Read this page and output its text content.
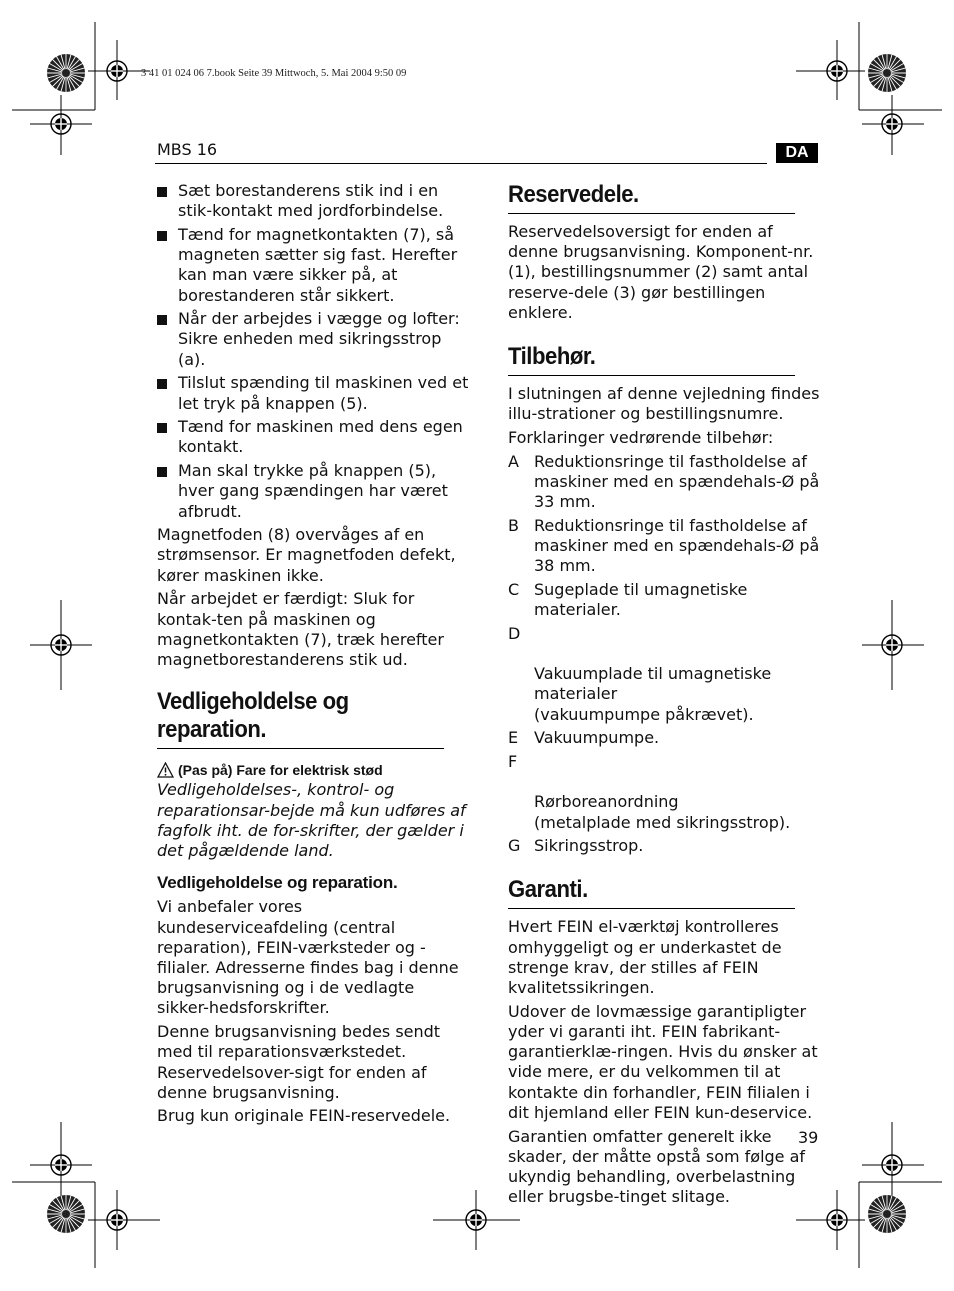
3 41 01 024 06 7.book Seite 39 Mittwoch, 5. Mai 2004 9:50 09
MBS 16	DA
Sæt borestanderens stik ind i en stik-kontakt med jordforbindelse.
Tænd for magnetkontakten (7), så magneten sætter sig fast. Herefter kan man være sikker på, at borestanderen står sikkert.
Når der arbejdes i vægge og lofter: Sikre enheden med sikringsstrop (a).
Tilslut spænding til maskinen ved et let tryk på knappen (5).
Tænd for maskinen med dens egen kontakt.
Man skal trykke på knappen (5), hver gang spændingen har været afbrudt.
Magnetfoden (8) overvåges af en strømsensor. Er magnetfoden defekt, kører maskinen ikke.
Når arbejdet er færdigt: Sluk for kontak-ten på maskinen og magnetkontakten (7), træk herefter magnetborestanderens stik ud.
Vedligeholdelse og reparation.
(Pas på) Fare for elektrisk stød
Vedligeholdelses-, kontrol- og reparationsar-bejde må kun udføres af fagfolk iht. de for-skrifter, der gælder i det pågældende land.
Vedligeholdelse og reparation.
Vi anbefaler vores kundeserviceafdeling (central reparation), FEIN-værksteder og -filialer. Adresserne findes bag i denne brugsanvisning og i de vedlagte sikker-hedsforskrifter.
Denne brugsanvisning bedes sendt med til reparationsværkstedet. Reservedelsover-sigt for enden af denne brugsanvisning.
Brug kun originale FEIN-reservedele.
Reservedele.
Reservedelsoversigt for enden af denne brugsanvisning. Komponent-nr. (1), bestillingsnummer (2) samt antal reserve-dele (3) gør bestillingen enklere.
Tilbehør.
I slutningen af denne vejledning findes illu-strationer og bestillingsnumre.
Forklaringer vedrørende tilbehør:
A Reduktionsringe til fastholdelse af maskiner med en spændehals-Ø på 33 mm.
B Reduktionsringe til fastholdelse af maskiner med en spændehals-Ø på 38 mm.
C Sugeplade til umagnetiske materialer.

D

Vakuumplade til umagnetiske materialer
(vakuumpumpe påkrævet).

E Vakuumpumpe.

F

Rørboreanordning
(metalplade med sikringsstrop).

G Sikringsstrop.
Garanti.
Hvert FEIN el-værktøj kontrolleres omhyggeligt og er underkastet de strenge krav, der stilles af FEIN kvalitetssikringen.
Udover de lovmæssige garantipligter yder vi garanti iht. FEIN fabrikant-garantierklæ-ringen. Hvis du ønsker at vide mere, er du velkommen til at kontakte din forhandler, FEIN filialen i dit hjemland eller FEIN kun-deservice.
Garantien omfatter generelt ikke skader, der måtte opstå som følge af ukyndig behandling, overbelastning eller brugsbe-tinget slitage.
39
